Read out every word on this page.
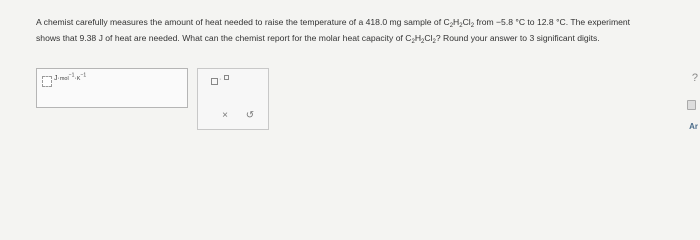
A chemist carefully measures the amount of heat needed to raise the temperature of a 418.0 mg sample of $C_2H_2Cl_2$ from −5.8 °C to 12.8 °C. The experiment
shows that 9.38 J of heat are needed. What can the chemist report for the molar heat capacity of $C_2H_2Cl_2$? Round your answer to 3 significant digits.
$J\cdot mol^{-1}\cdot K^{-1}$
·
×	↺
?
Ar
